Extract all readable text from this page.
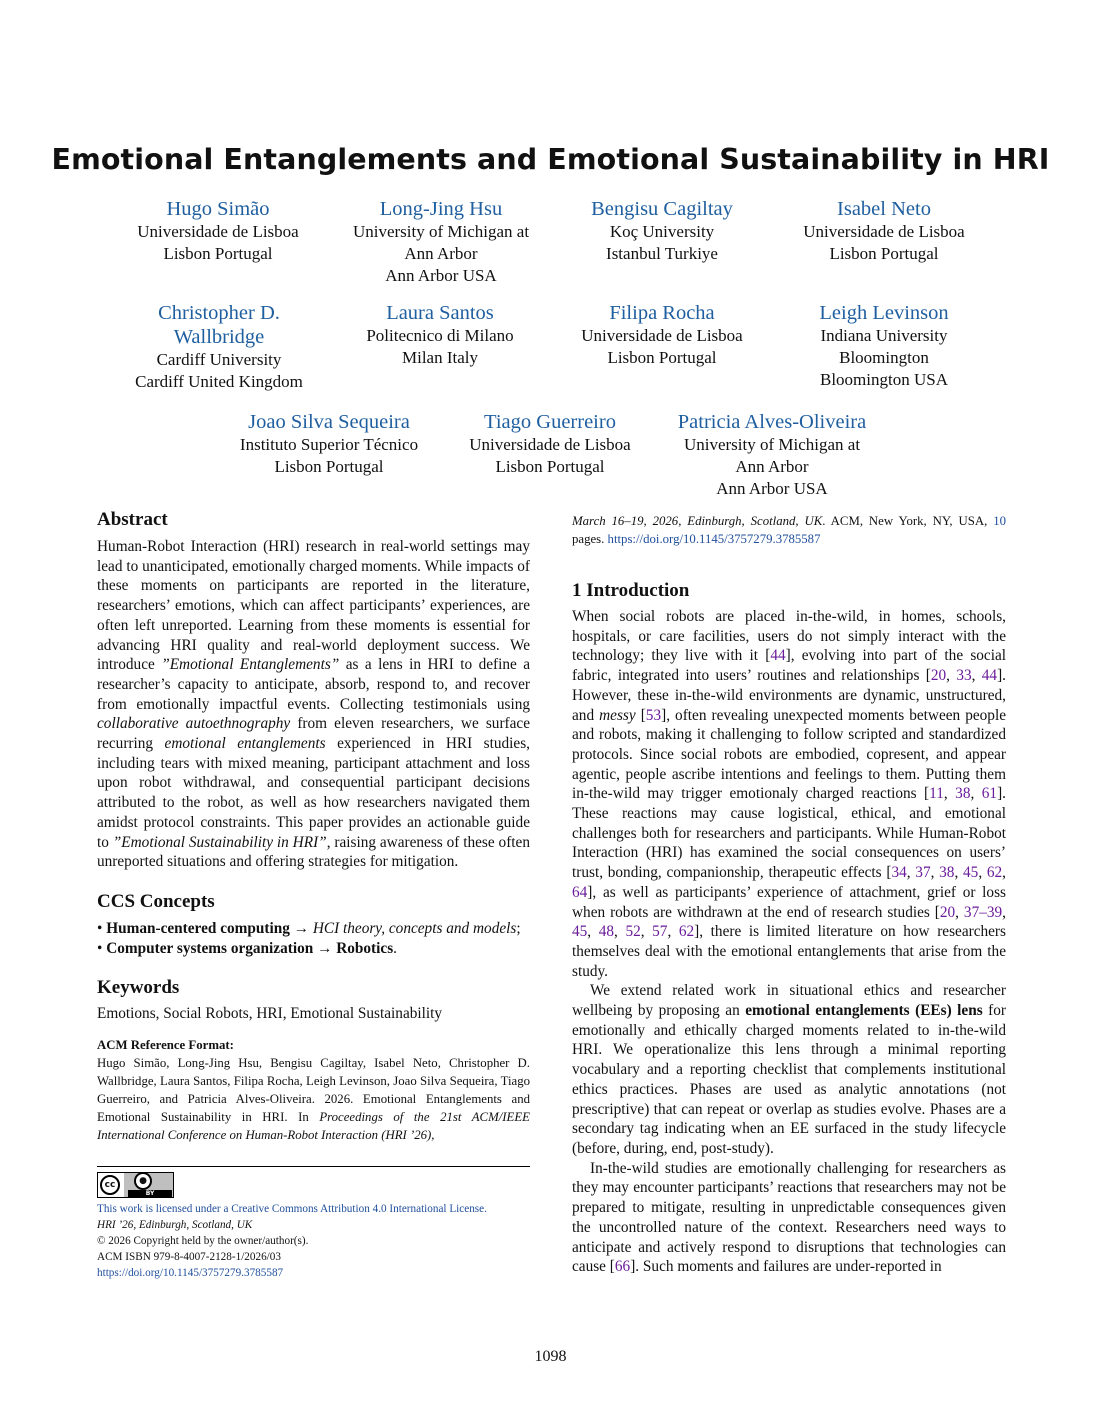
Emotional Entanglements and Emotional Sustainability in HRI
Hugo Simão
Universidade de Lisboa
Lisbon Portugal
Long-Jing Hsu
University of Michigan at
Ann Arbor
Ann Arbor USA
Bengisu Cagiltay
Koç University
Istanbul Turkiye
Isabel Neto
Universidade de Lisboa
Lisbon Portugal
Christopher D.
Wallbridge
Cardiff University
Cardiff United Kingdom
Laura Santos
Politecnico di Milano
Milan Italy
Filipa Rocha
Universidade de Lisboa
Lisbon Portugal
Leigh Levinson
Indiana University
Bloomington
Bloomington USA
Joao Silva Sequeira
Instituto Superior Técnico
Lisbon Portugal
Tiago Guerreiro
Universidade de Lisboa
Lisbon Portugal
Patricia Alves-Oliveira
University of Michigan at
Ann Arbor
Ann Arbor USA
Abstract
Human-Robot Interaction (HRI) research in real-world settings may lead to unanticipated, emotionally charged moments. While impacts of these moments on participants are reported in the literature, researchers’ emotions, which can affect participants’ experiences, are often left unreported. Learning from these moments is essential for advancing HRI quality and real-world deployment success. We introduce ”Emotional Entanglements” as a lens in HRI to define a researcher’s capacity to anticipate, absorb, respond to, and recover from emotionally impactful events. Collecting testimonials using collaborative autoethnography from eleven researchers, we surface recurring emotional entanglements experienced in HRI studies, including tears with mixed meaning, participant attachment and loss upon robot withdrawal, and consequential participant decisions attributed to the robot, as well as how researchers navigated them amidst protocol constraints. This paper provides an actionable guide to ”Emotional Sustainability in HRI”, raising awareness of these often unreported situations and offering strategies for mitigation.
CCS Concepts
• Human-centered computing → HCI theory, concepts and models;
• Computer systems organization → Robotics.
Keywords
Emotions, Social Robots, HRI, Emotional Sustainability
ACM Reference Format:
Hugo Simão, Long-Jing Hsu, Bengisu Cagiltay, Isabel Neto, Christopher D. Wallbridge, Laura Santos, Filipa Rocha, Leigh Levinson, Joao Silva Sequeira, Tiago Guerreiro, and Patricia Alves-Oliveira. 2026. Emotional Entanglements and Emotional Sustainability in HRI. In Proceedings of the 21st ACM/IEEE International Conference on Human-Robot Interaction (HRI ’26),
cc	●
BY
This work is licensed under a Creative Commons Attribution 4.0 International License.
HRI ’26, Edinburgh, Scotland, UK
© 2026 Copyright held by the owner/author(s).
ACM ISBN 979-8-4007-2128-1/2026/03
https://doi.org/10.1145/3757279.3785587
March 16–19, 2026, Edinburgh, Scotland, UK. ACM, New York, NY, USA, 10 pages. https://doi.org/10.1145/3757279.3785587
1 Introduction

When social robots are placed in-the-wild, in homes, schools, hospitals, or care facilities, users do not simply interact with the technology; they live with it [44], evolving into part of the social fabric, integrated into users’ routines and relationships [20, 33, 44]. However, these in-the-wild environments are dynamic, unstructured, and messy [53], often revealing unexpected moments between people and robots, making it challenging to follow scripted and standardized protocols. Since social robots are embodied, copresent, and appear agentic, people ascribe intentions and feelings to them. Putting them in-the-wild may trigger emotionaly charged reactions [11, 38, 61]. These reactions may cause logistical, ethical, and emotional challenges both for researchers and participants. While Human-Robot Interaction (HRI) has examined the social consequences on users’ trust, bonding, companionship, therapeutic effects [34, 37, 38, 45, 62, 64], as well as participants’ experience of attachment, grief or loss when robots are withdrawn at the end of research studies [20, 37–39, 45, 48, 52, 57, 62], there is limited literature on how researchers themselves deal with the emotional entanglements that arise from the study.

We extend related work in situational ethics and researcher wellbeing by proposing an emotional entanglements (EEs) lens for emotionally and ethically charged moments related to in-the-wild HRI. We operationalize this lens through a minimal reporting vocabulary and a reporting checklist that complements institutional ethics practices. Phases are used as analytic annotations (not prescriptive) that can repeat or overlap as studies evolve. Phases are a secondary tag indicating when an EE surfaced in the study lifecycle (before, during, end, post-study).

In-the-wild studies are emotionally challenging for researchers as they may encounter participants’ reactions that researchers may not be prepared to mitigate, resulting in unpredictable consequences given the uncontrolled nature of the context. Researchers need ways to anticipate and actively respond to disruptions that technologies can cause [66]. Such moments and failures are under-reported in

1098
